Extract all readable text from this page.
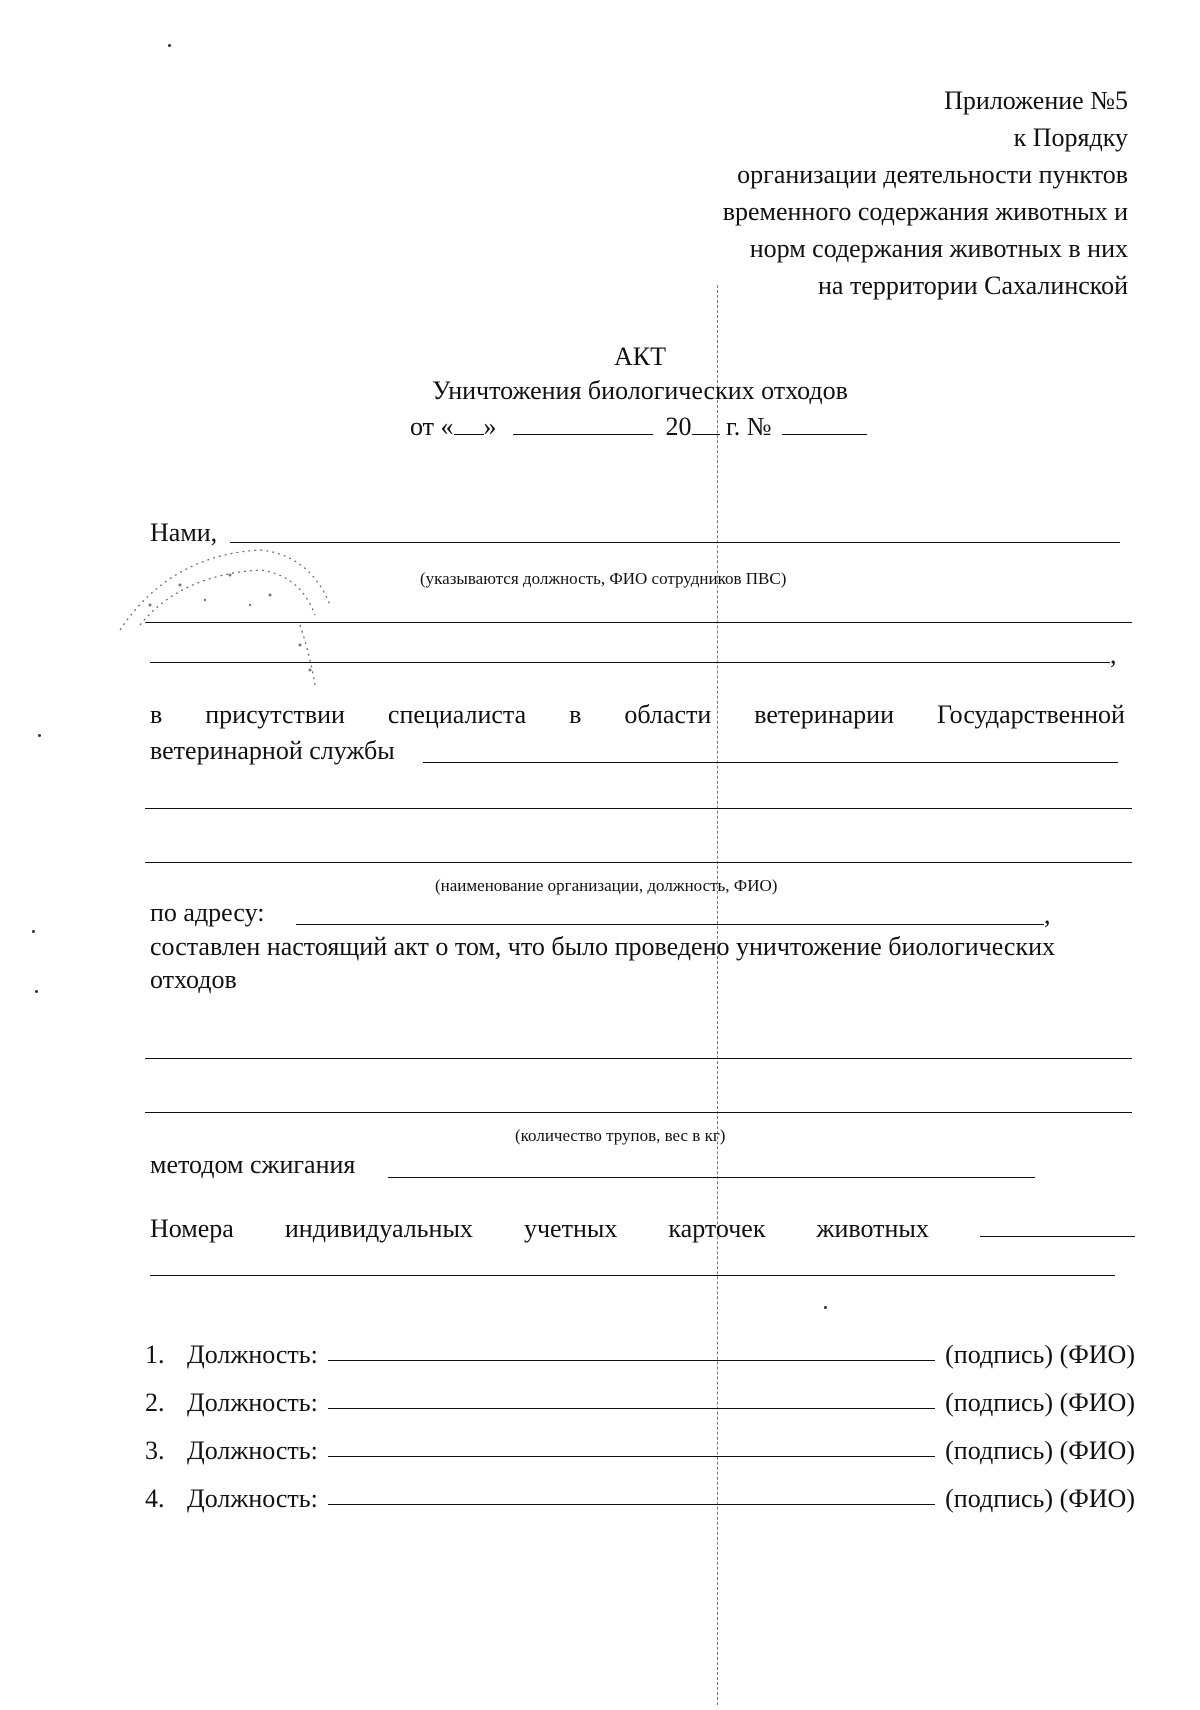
Приложение №5
к Порядку
организации деятельности пунктов
временного содержания животных и
норм содержания животных в них
на территории Сахалинской
АКТ
Уничтожения биологических отходов
от « »	20 г. №
Нами,
(указываются должность, ФИО сотрудников ПВС)
,
в присутствии специалиста в области ветеринарии Государственной
ветеринарной службы
(наименование организации, должность, ФИО)
по адресу:	,
составлен настоящий акт о том, что было проведено уничтожение биологических
отходов
(количество трупов, вес в кг)
методом сжигания
Номера индивидуальных учетных карточек животных
1. Должность:	(подпись) (ФИО)
2. Должность:	(подпись) (ФИО)
3. Должность:	(подпись) (ФИО)
4. Должность:	(подпись) (ФИО)
